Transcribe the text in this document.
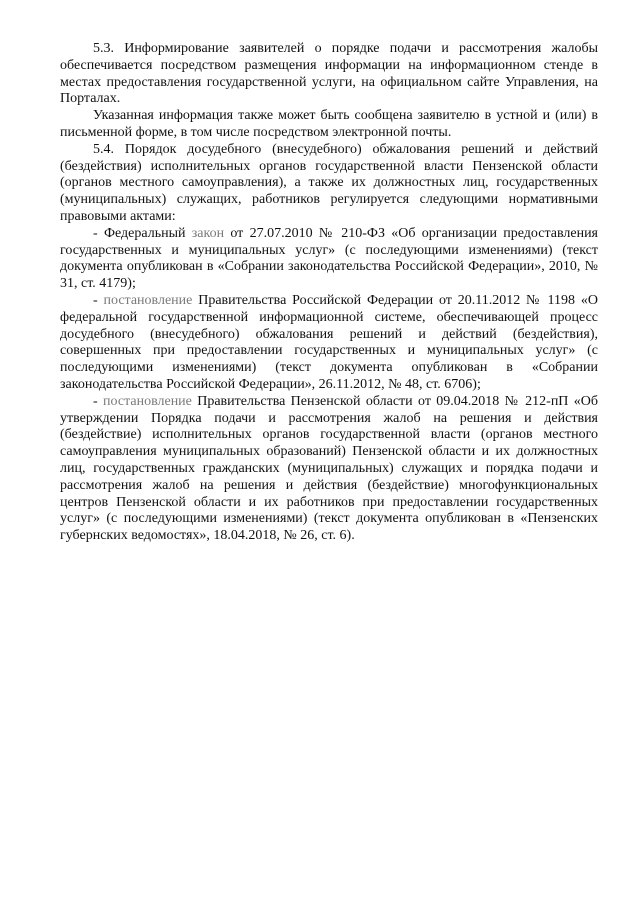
5.3. Информирование заявителей о порядке подачи и рассмотрения жалобы обеспечивается посредством размещения информации на информационном стенде в местах предоставления государственной услуги, на официальном сайте Управления, на Порталах.

Указанная информация также может быть сообщена заявителю в устной и (или) в письменной форме, в том числе посредством электронной почты.

5.4. Порядок досудебного (внесудебного) обжалования решений и действий (бездействия) исполнительных органов государственной власти Пензенской области (органов местного самоуправления), а также их должностных лиц, государственных (муниципальных) служащих, работников регулируется следующими нормативными правовыми актами:

- Федеральный закон от 27.07.2010 № 210-ФЗ «Об организации предоставления государственных и муниципальных услуг» (с последующими изменениями) (текст документа опубликован в «Собрании законодательства Российской Федерации», 2010, № 31, ст. 4179);

- постановление Правительства Российской Федерации от 20.11.2012 № 1198 «О федеральной государственной информационной системе, обеспечивающей процесс досудебного (внесудебного) обжалования решений и действий (бездействия), совершенных при предоставлении государственных и муниципальных услуг» (с последующими изменениями) (текст документа опубликован в «Собрании законодательства Российской Федерации», 26.11.2012, № 48, ст. 6706);

- постановление Правительства Пензенской области от 09.04.2018 № 212-пП «Об утверждении Порядка подачи и рассмотрения жалоб на решения и действия (бездействие) исполнительных органов государственной власти (органов местного самоуправления муниципальных образований) Пензенской области и их должностных лиц, государственных гражданских (муниципальных) служащих и порядка подачи и рассмотрения жалоб на решения и действия (бездействие) многофункциональных центров Пензенской области и их работников при предоставлении государственных услуг» (с последующими изменениями) (текст документа опубликован в «Пензенских губернских ведомостях», 18.04.2018, № 26, ст. 6).
